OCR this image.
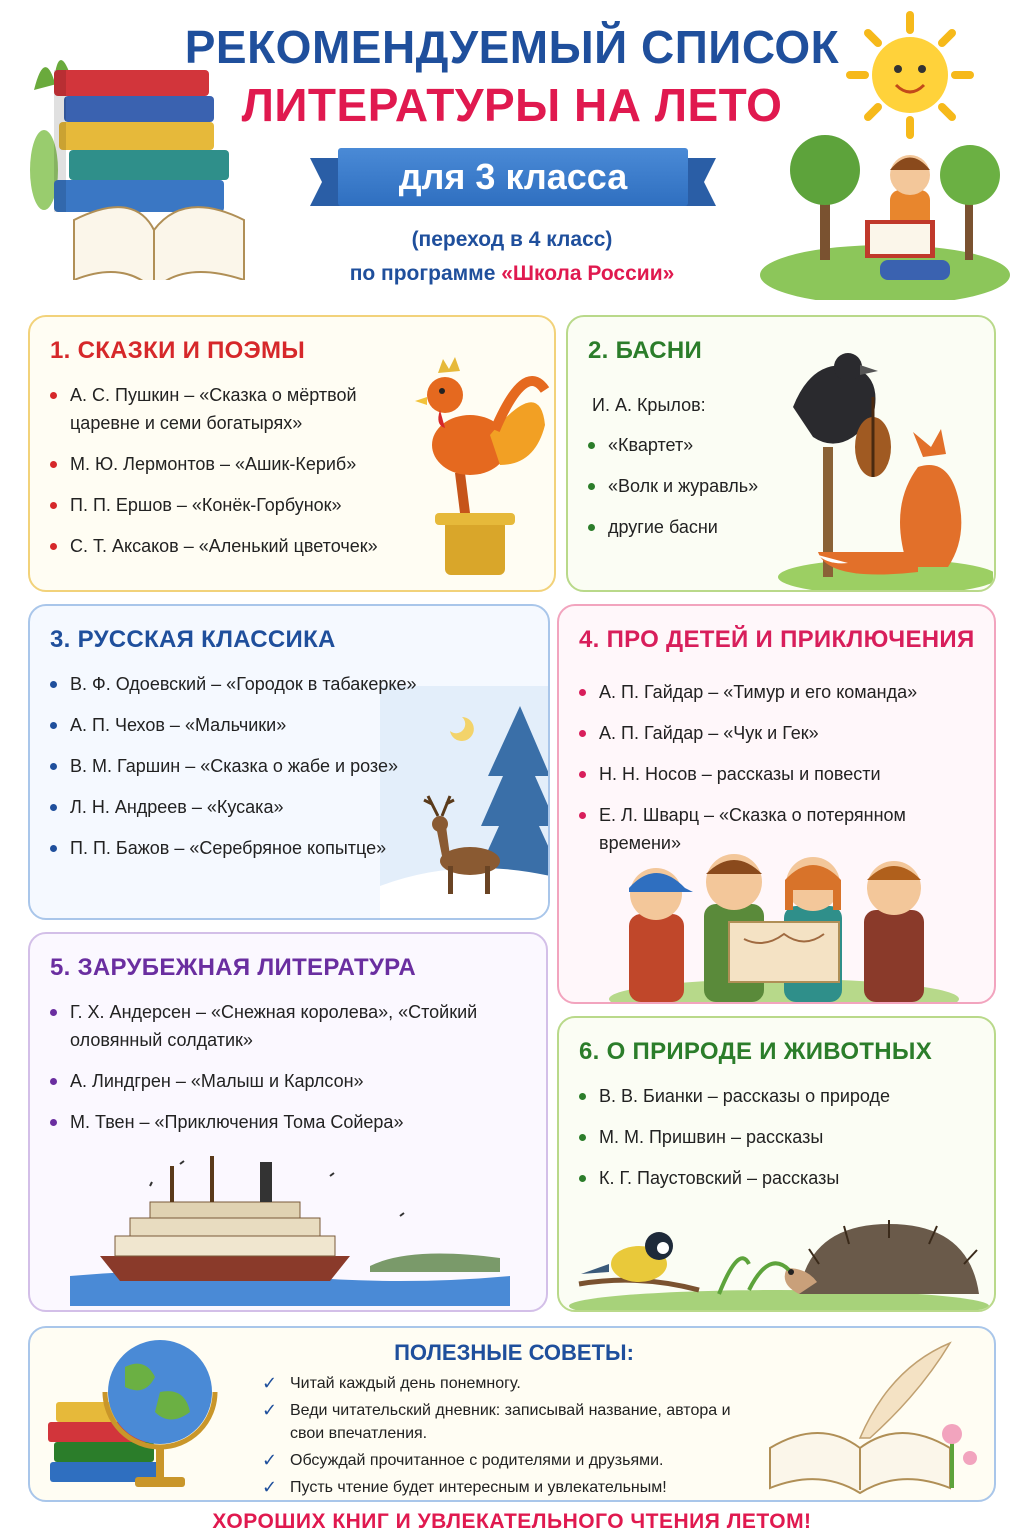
РЕКОМЕНДУЕМЫЙ СПИСОК
ЛИТЕРАТУРЫ НА ЛЕТО
для 3 класса
(переход в 4 класс)
по программе «Школа России»
1. СКАЗКИ И ПОЭМЫ
А. С. Пушкин – «Сказка о мёртвой царевне и семи богатырях»
М. Ю. Лермонтов – «Ашик-Кериб»
П. П. Ершов – «Конёк-Горбунок»
С. Т. Аксаков – «Аленький цветочек»
2. БАСНИ
И. А. Крылов:
«Квартет»
«Волк и журавль»
другие басни
3. РУССКАЯ КЛАССИКА
В. Ф. Одоевский – «Городок в табакерке»
А. П. Чехов – «Мальчики»
В. М. Гаршин – «Сказка о жабе и розе»
Л. Н. Андреев – «Кусака»
П. П. Бажов – «Серебряное копытце»
4. ПРО ДЕТЕЙ И ПРИКЛЮЧЕНИЯ
А. П. Гайдар – «Тимур и его команда»
А. П. Гайдар – «Чук и Гек»
Н. Н. Носов – рассказы и повести
Е. Л. Шварц – «Сказка о потерянном времени»
5. ЗАРУБЕЖНАЯ ЛИТЕРАТУРА
Г. Х. Андерсен – «Снежная королева», «Стойкий оловянный солдатик»
А. Линдгрен – «Малыш и Карлсон»
М. Твен – «Приключения Тома Сойера»
6. О ПРИРОДЕ И ЖИВОТНЫХ
В. В. Бианки – рассказы о природе
М. М. Пришвин – рассказы
К. Г. Паустовский – рассказы
ПОЛЕЗНЫЕ СОВЕТЫ:
✓ Читай каждый день понемногу.
✓ Веди читательский дневник: записывай название, автора и свои впечатления.
✓ Обсуждай прочитанное с родителями и друзьями.
✓ Пусть чтение будет интересным и увлекательным!
ХОРОШИХ КНИГ И УВЛЕКАТЕЛЬНОГО ЧТЕНИЯ ЛЕТОМ!
